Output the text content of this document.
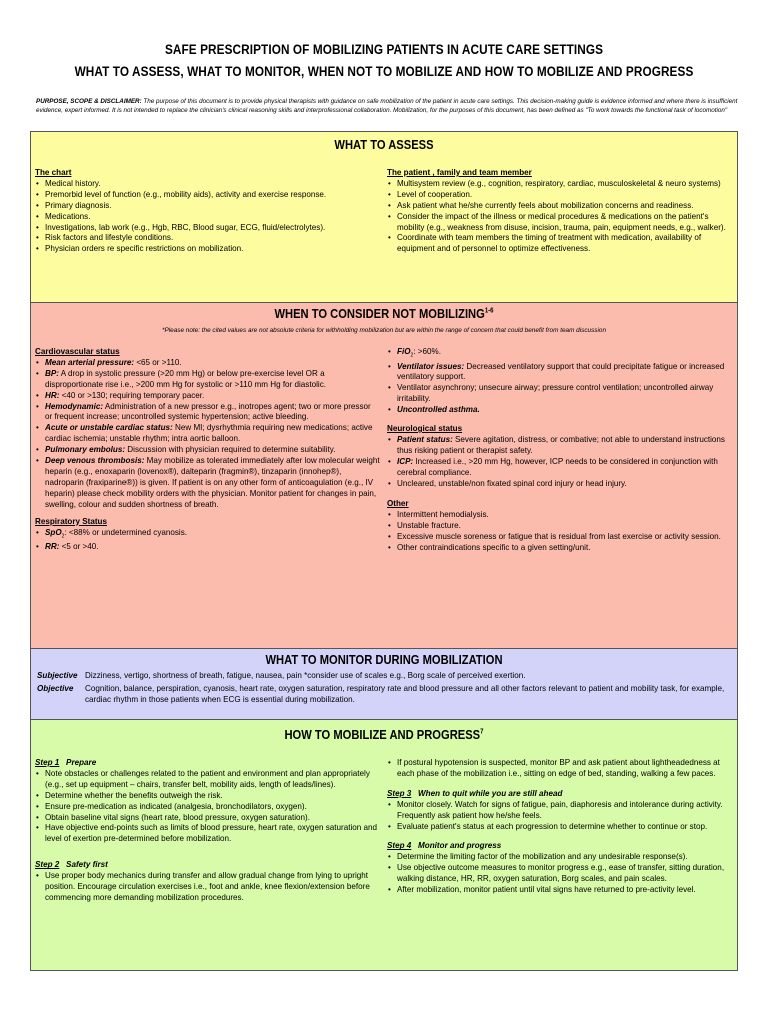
SAFE PRESCRIPTION OF MOBILIZING PATIENTS IN ACUTE CARE SETTINGS
WHAT TO ASSESS, WHAT TO MONITOR, WHEN NOT TO MOBILIZE AND HOW TO MOBILIZE AND PROGRESS
PURPOSE, SCOPE & DISCLAIMER: The purpose of this document is to provide physical therapists with guidance on safe mobilization of the patient in acute care settings. This decision-making guide is evidence informed and where there is insufficient evidence, expert informed. It is not intended to replace the clinician's clinical reasoning skills and interprofessional collaboration. Mobilization, for the purposes of this document, has been defined as "To work towards the functional task of locomotion"
WHAT TO ASSESS
The chart
• Medical history.
• Premorbid level of function (e.g., mobility aids), activity and exercise response.
• Primary diagnosis.
• Medications.
• Investigations, lab work (e.g., Hgb, RBC, Blood sugar, ECG, fluid/electrolytes).
• Risk factors and lifestyle conditions.
• Physician orders re specific restrictions on mobilization.
The patient , family and team member
• Multisystem review (e.g., cognition, respiratory, cardiac, musculoskeletal & neuro systems)
• Level of cooperation.
• Ask patient what he/she currently feels about mobilization concerns and readiness.
• Consider the impact of the illness or medical procedures & medications on the patient's mobility (e.g., weakness from disuse, incision, trauma, pain, equipment needs, e.g., walker).
• Coordinate with team members the timing of treatment with medication, availability of equipment and of personnel to optimize effectiveness.
WHEN TO CONSIDER NOT MOBILIZING$^{1-6}$
*Please note: the cited values are not absolute criteria for withholding mobilization but are within the range of concern that could benefit from team discussion
Cardiovascular status
• Mean arterial pressure: <65 or >110.
• BP: A drop in systolic pressure (>20 mm Hg) or below pre-exercise level OR a disproportionate rise i.e., >200 mm Hg for systolic or >110 mm Hg for diastolic.
• HR: <40 or >130; requiring temporary pacer.
• Hemodynamic: Administration of a new pressor e.g., inotropes agent; two or more pressor or frequent increase; uncontrolled systemic hypertension; active bleeding.
• Acute or unstable cardiac status: New MI; dysrhythmia requiring new medications; active cardiac ischemia; unstable rhythm; intra aortic balloon.
• Pulmonary embolus: Discussion with physician required to determine suitability.
• Deep venous thrombosis: May mobilize as tolerated immediately after low molecular weight heparin (e.g., enoxaparin (lovenox®), dalteparin (fragmin®), tinzaparin (innohep®), nadroparin (fraxiparine®)) is given. If patient is on any other form of anticoagulation (e.g., IV heparin) please check mobility orders with the physician. Monitor patient for changes in pain, swelling, colour and sudden shortness of breath.
Respiratory Status
• SpO$_2$: <88% or undetermined cyanosis.
• RR: <5 or >40.
• FiO$_2$: >60%.
• Ventilator issues: Decreased ventilatory support that could precipitate fatigue or increased ventilatory support.
• Ventilator asynchrony; unsecure airway; pressure control ventilation; uncontrolled airway irritability.
• Uncontrolled asthma.
Neurological status
• Patient status: Severe agitation, distress, or combative; not able to understand instructions thus risking patient or therapist safety.
• ICP: Increased i.e., >20 mm Hg, however, ICP needs to be considered in conjunction with cerebral compliance.
• Uncleared, unstable/non fixated spinal cord injury or head injury.
Other
• Intermittent hemodialysis.
• Unstable fracture.
• Excessive muscle soreness or fatigue that is residual from last exercise or activity session.
• Other contraindications specific to a given setting/unit.
WHAT TO MONITOR DURING MOBILIZATION
Subjective Dizziness, vertigo, shortness of breath, fatigue, nausea, pain *consider use of scales e.g., Borg scale of perceived exertion.
Objective Cognition, balance, perspiration, cyanosis, heart rate, oxygen saturation, respiratory rate and blood pressure and all other factors relevant to patient and mobility task, for example, cardiac rhythm in those patients when ECG is essential during mobilization.
HOW TO MOBILIZE AND PROGRESS$^7$
Step 1 Prepare
• Note obstacles or challenges related to the patient and environment and plan appropriately (e.g., set up equipment – chairs, transfer belt, mobility aids, length of leads/lines).
• Determine whether the benefits outweigh the risk.
• Ensure pre-medication as indicated (analgesia, bronchodilators, oxygen).
• Obtain baseline vital signs (heart rate, blood pressure, oxygen saturation).
• Have objective end-points such as limits of blood pressure, heart rate, oxygen saturation and level of exertion pre-determined before mobilization.
Step 2 Safety first
• Use proper body mechanics during transfer and allow gradual change from lying to upright position. Encourage circulation exercises i.e., foot and ankle, knee flexion/extension before commencing more demanding mobilization procedures.
• If postural hypotension is suspected, monitor BP and ask patient about lightheadedness at each phase of the mobilization i.e., sitting on edge of bed, standing, walking a few paces.
Step 3 When to quit while you are still ahead
• Monitor closely. Watch for signs of fatigue, pain, diaphoresis and intolerance during activity. Frequently ask patient how he/she feels.
• Evaluate patient's status at each progression to determine whether to continue or stop.
Step 4 Monitor and progress
• Determine the limiting factor of the mobilization and any undesirable response(s).
• Use objective outcome measures to monitor progress e.g., ease of transfer, sitting duration, walking distance, HR, RR, oxygen saturation, Borg scales, and pain scales.
• After mobilization, monitor patient until vital signs have returned to pre-activity level.
